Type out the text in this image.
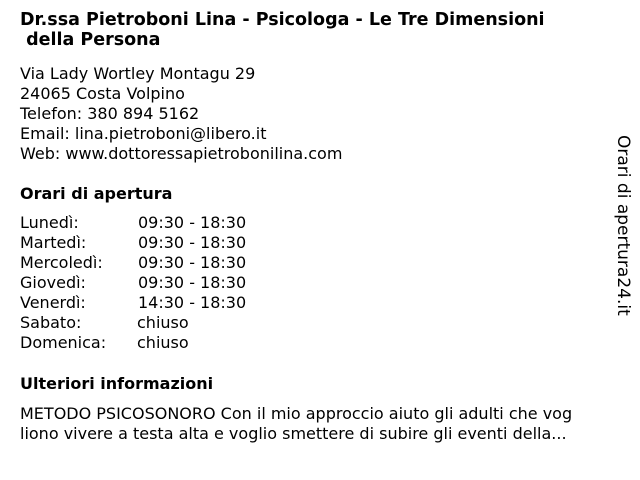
Dr.ssa Pietroboni Lina - Psicologa - Le Tre Dimensioni
della Persona
Via Lady Wortley Montagu 29
24065 Costa Volpino
Telefon: 380 894 5162
Email: lina.pietroboni@libero.it
Web: www.dottoressapietrobonilina.com
Orari di apertura
Lunedì:	09:30 - 18:30
Martedì:	09:30 - 18:30
Mercoledì: 09:30 - 18:30
Giovedì:	09:30 - 18:30
Venerdì:	14:30 - 18:30
Sabato:	chiuso
Domenica: chiuso
Ulteriori informazioni
METODO PSICOSONORO Con il mio approccio aiuto gli adulti che vog
liono vivere a testa alta e voglio smettere di subire gli eventi della...
Orari di apertura24.it
